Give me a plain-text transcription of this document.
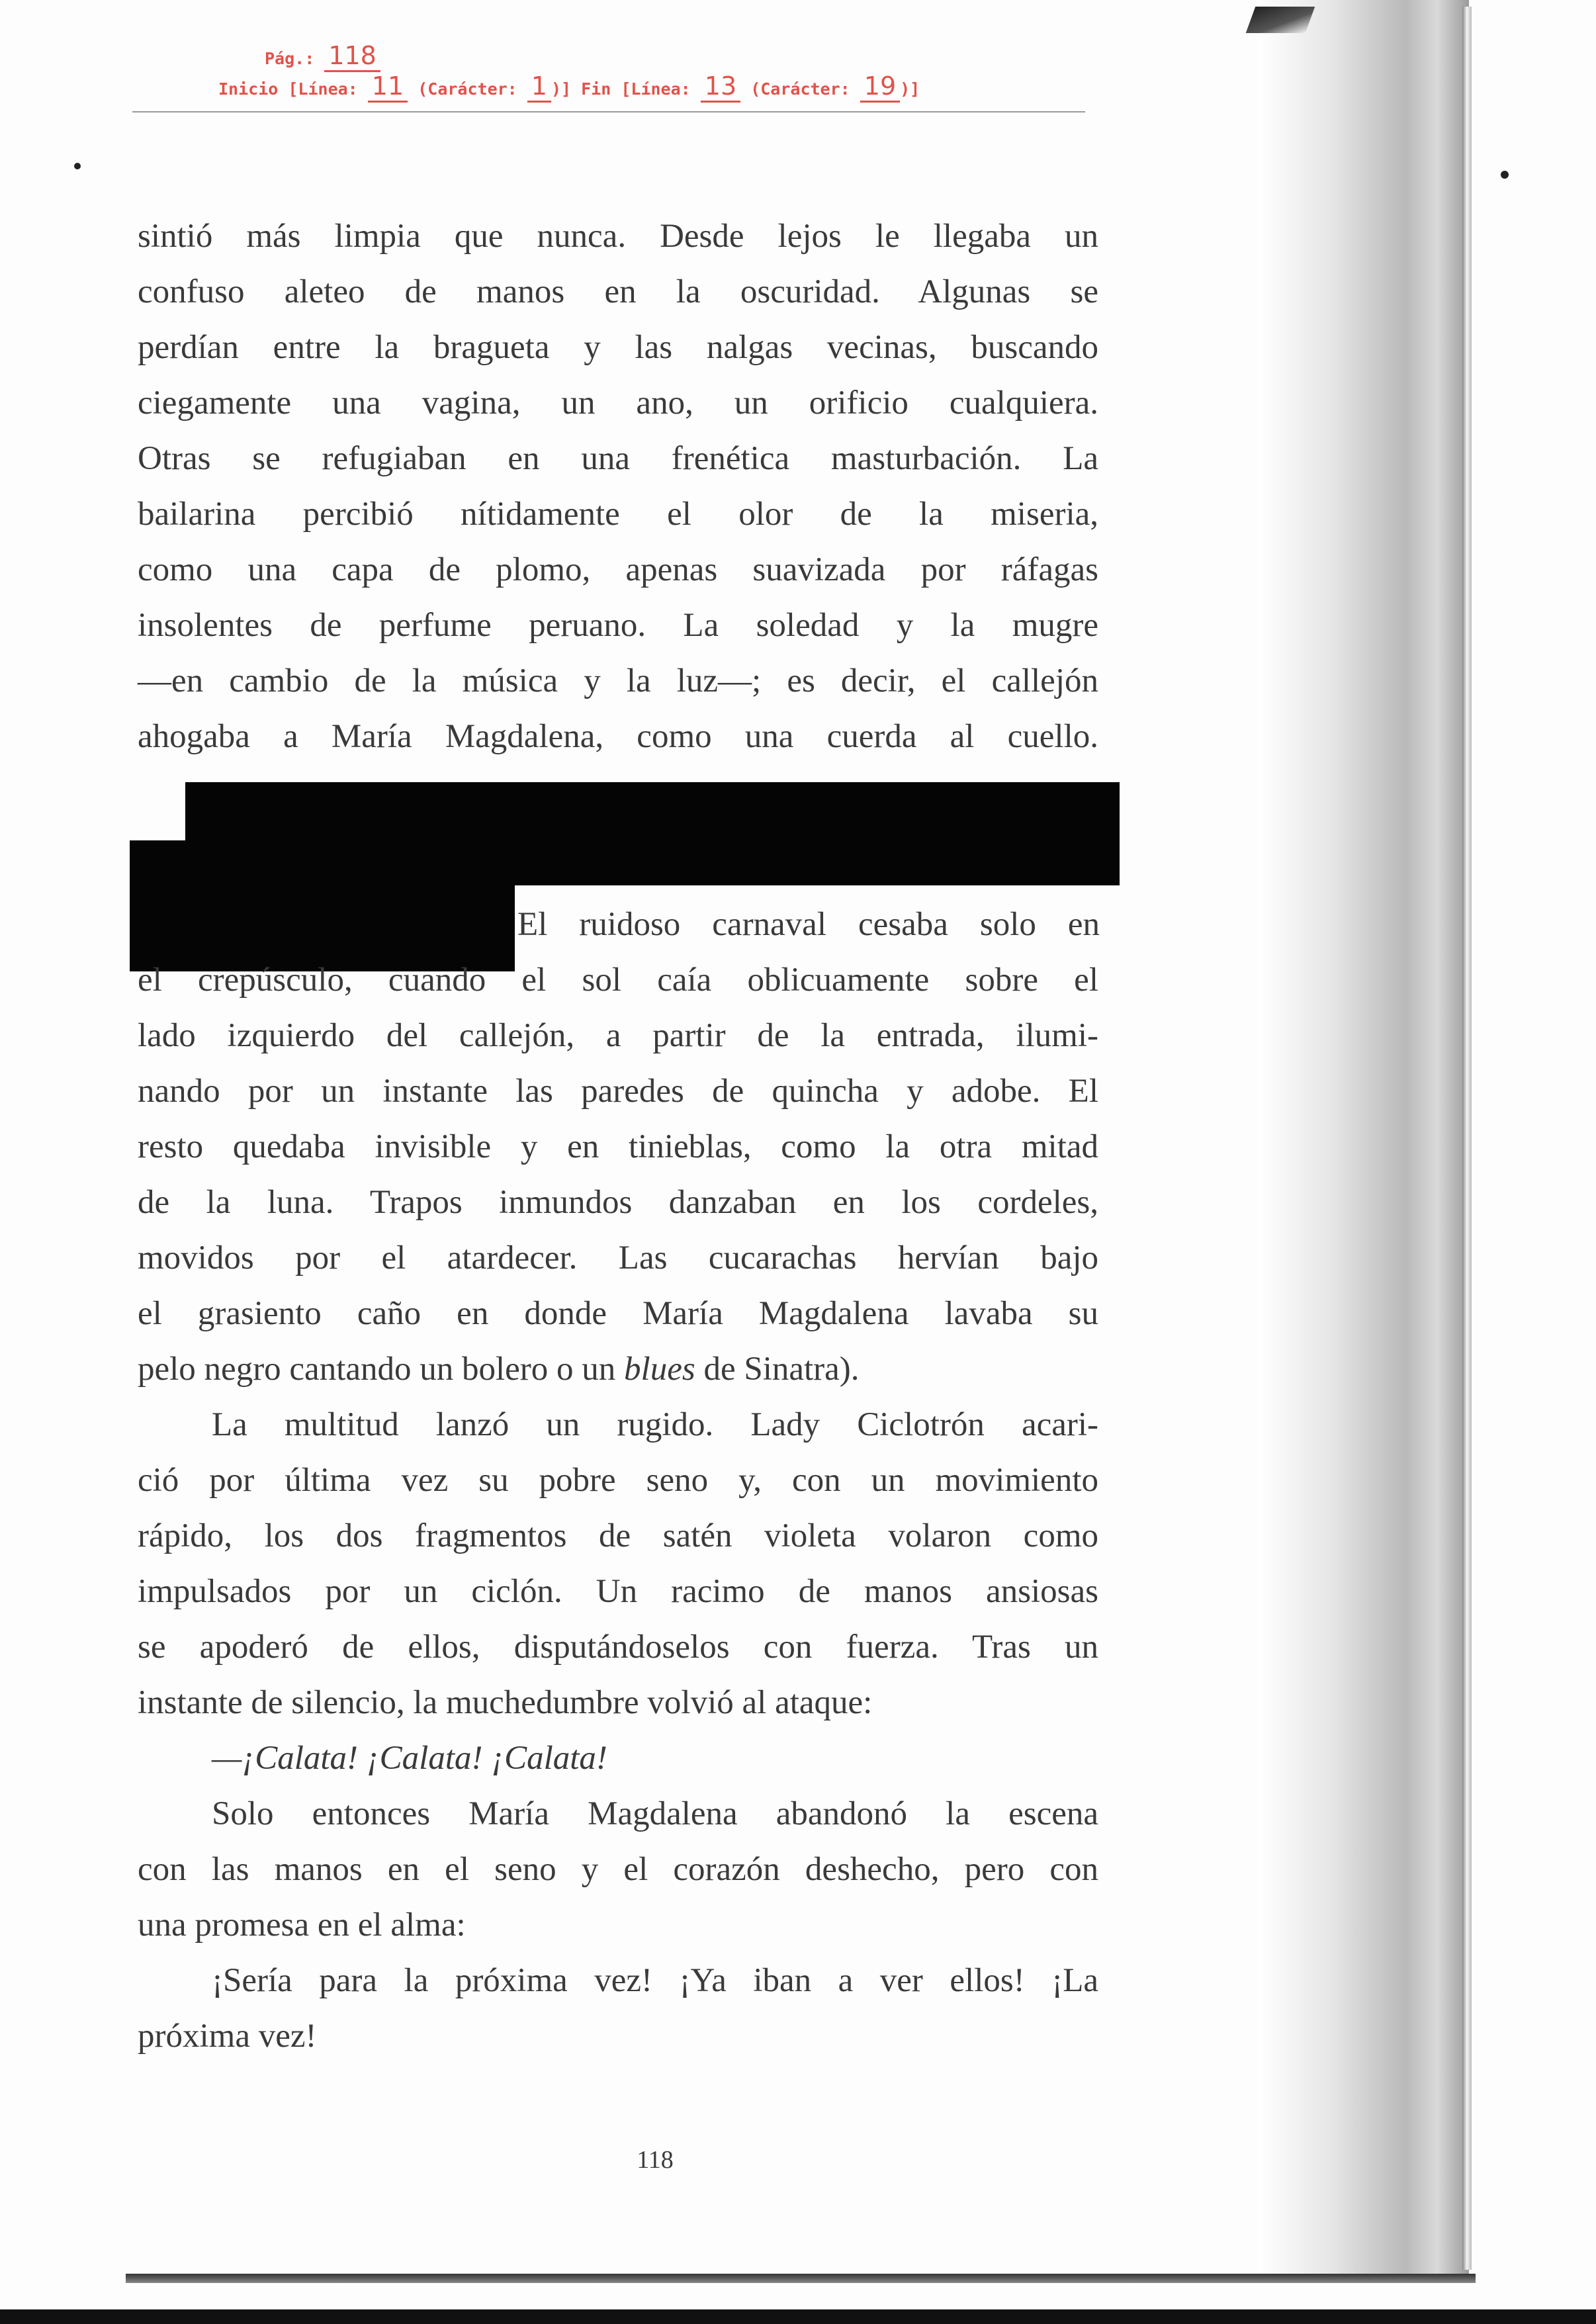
Pág.: 118
Inicio [Línea: 11 (Carácter: 1 )] Fin [Línea: 13 (Carácter: 19 )]
sintió más limpia que nunca. Desde lejos le llegaba un
confuso aleteo de manos en la oscuridad. Algunas se
perdían entre la bragueta y las nalgas vecinas, buscando
ciegamente una vagina, un ano, un orificio cualquiera.
Otras se refugiaban en una frenética masturbación. La
bailarina percibió nítidamente el olor de la miseria,
como una capa de plomo, apenas suavizada por ráfagas
insolentes de perfume peruano. La soledad y la mugre
—en cambio de la música y la luz—; es decir, el callejón
ahogaba a María Magdalena, como una cuerda al cuello.
El ruidoso carnaval cesaba solo en
el crepúsculo, cuando el sol caía oblicuamente sobre el
lado izquierdo del callejón, a partir de la entrada, ilumi-
nando por un instante las paredes de quincha y adobe. El
resto quedaba invisible y en tinieblas, como la otra mitad
de la luna. Trapos inmundos danzaban en los cordeles,
movidos por el atardecer. Las cucarachas hervían bajo
el grasiento caño en donde María Magdalena lavaba su
pelo negro cantando un bolero o un blues de Sinatra).
La multitud lanzó un rugido. Lady Ciclotrón acari-
ció por última vez su pobre seno y, con un movimiento
rápido, los dos fragmentos de satén violeta volaron como
impulsados por un ciclón. Un racimo de manos ansiosas
se apoderó de ellos, disputándoselos con fuerza. Tras un
instante de silencio, la muchedumbre volvió al ataque:
—¡Calata! ¡Calata! ¡Calata!
Solo entonces María Magdalena abandonó la escena
con las manos en el seno y el corazón deshecho, pero con
una promesa en el alma:
¡Sería para la próxima vez! ¡Ya iban a ver ellos! ¡La
próxima vez!
118
